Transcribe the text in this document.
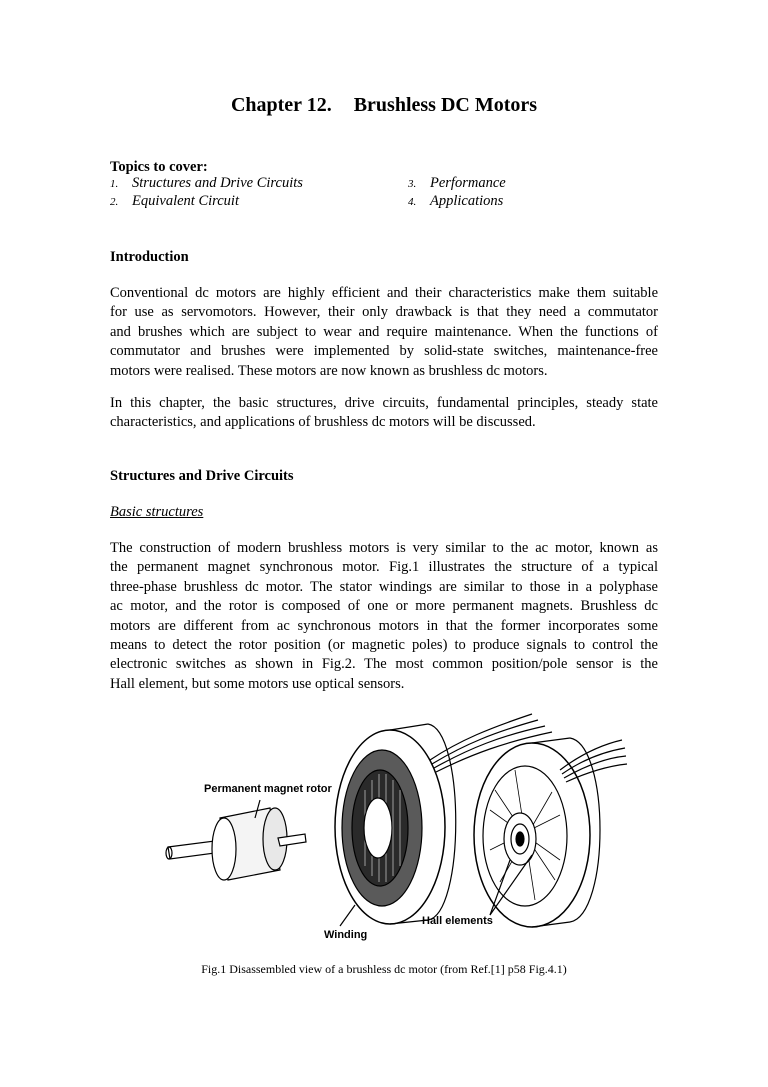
Chapter 12. Brushless DC Motors
Topics to cover:
1. Structures and Drive Circuits
2. Equivalent Circuit
3. Performance
4. Applications
Introduction
Conventional dc motors are highly efficient and their characteristics make them suitable
for use as servomotors. However, their only drawback is that they need a commutator
and brushes which are subject to wear and require maintenance. When the functions of
commutator and brushes were implemented by solid-state switches, maintenance-free
motors were realised. These motors are now known as brushless dc motors.
In this chapter, the basic structures, drive circuits, fundamental principles, steady state
characteristics, and applications of brushless dc motors will be discussed.
Structures and Drive Circuits
Basic structures
The construction of modern brushless motors is very similar to the ac motor, known as
the permanent magnet synchronous motor. Fig.1 illustrates the structure of a typical
three-phase brushless dc motor. The stator windings are similar to those in a polyphase
ac motor, and the rotor is composed of one or more permanent magnets. Brushless dc
motors are different from ac synchronous motors in that the former incorporates some
means to detect the rotor position (or magnetic poles) to produce signals to control the
electronic switches as shown in Fig.2. The most common position/pole sensor is the
Hall element, but some motors use optical sensors.
Permanent magnet rotor
Winding
Hall elements
Fig.1 Disassembled view of a brushless dc motor (from Ref.[1] p58 Fig.4.1)
